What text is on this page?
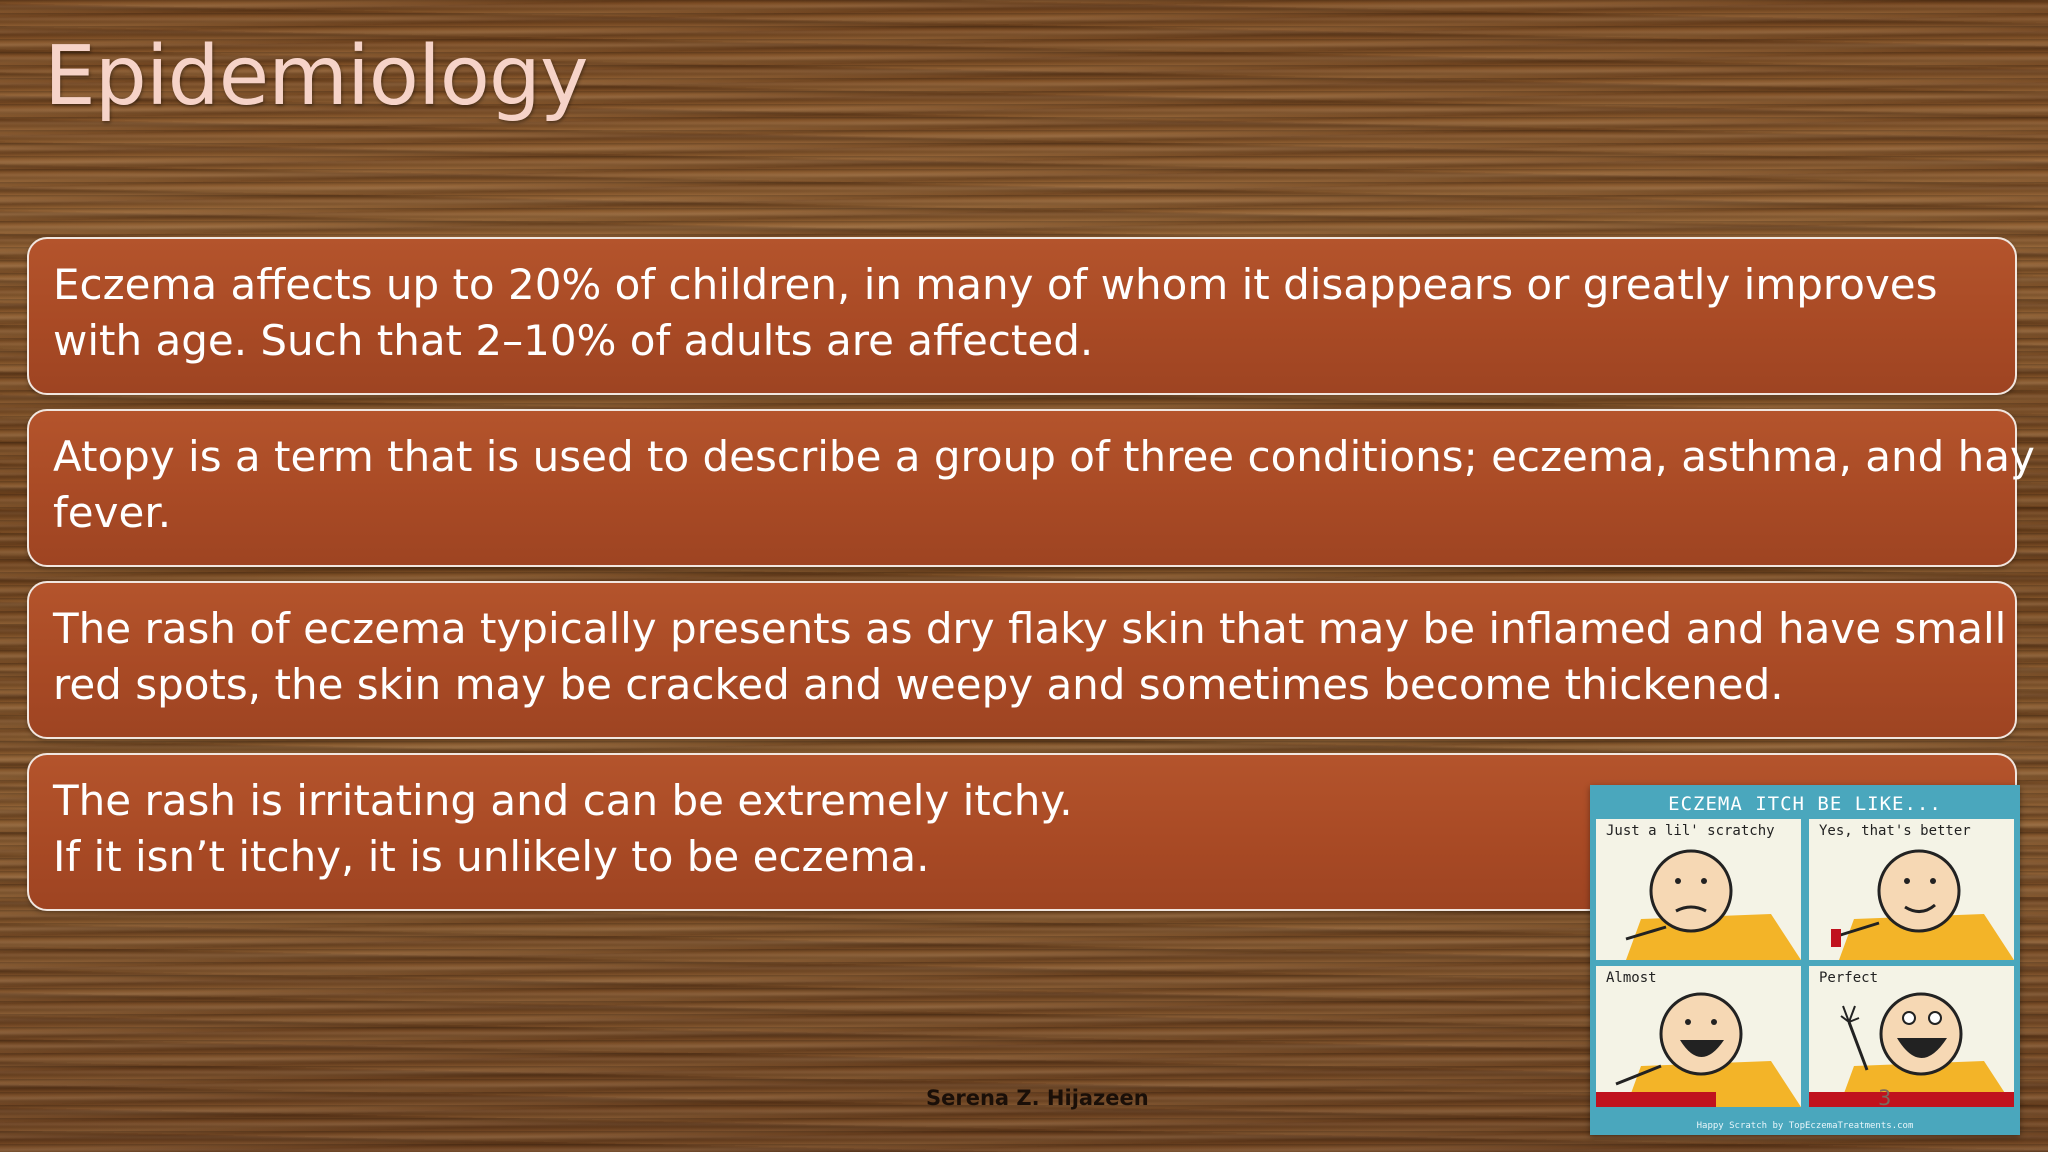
Epidemiology
Eczema affects up to 20% of children, in many of whom it disappears or greatly improves
with age. Such that 2–10% of adults are affected.
Atopy is a term that is used to describe a group of three conditions; eczema, asthma, and hay
fever.
The rash of eczema typically presents as dry flaky skin that may be inflamed and have small
red spots, the skin may be cracked and weepy and sometimes become thickened.
The rash is irritating and can be extremely itchy.
If it isn’t itchy, it is unlikely to be eczema.
Serena Z. Hijazeen
ECZEMA ITCH BE LIKE...
Just a lil' scratchy	Yes, that's better
Almost	Perfect
Happy Scratch by TopEczemaTreatments.com
3
